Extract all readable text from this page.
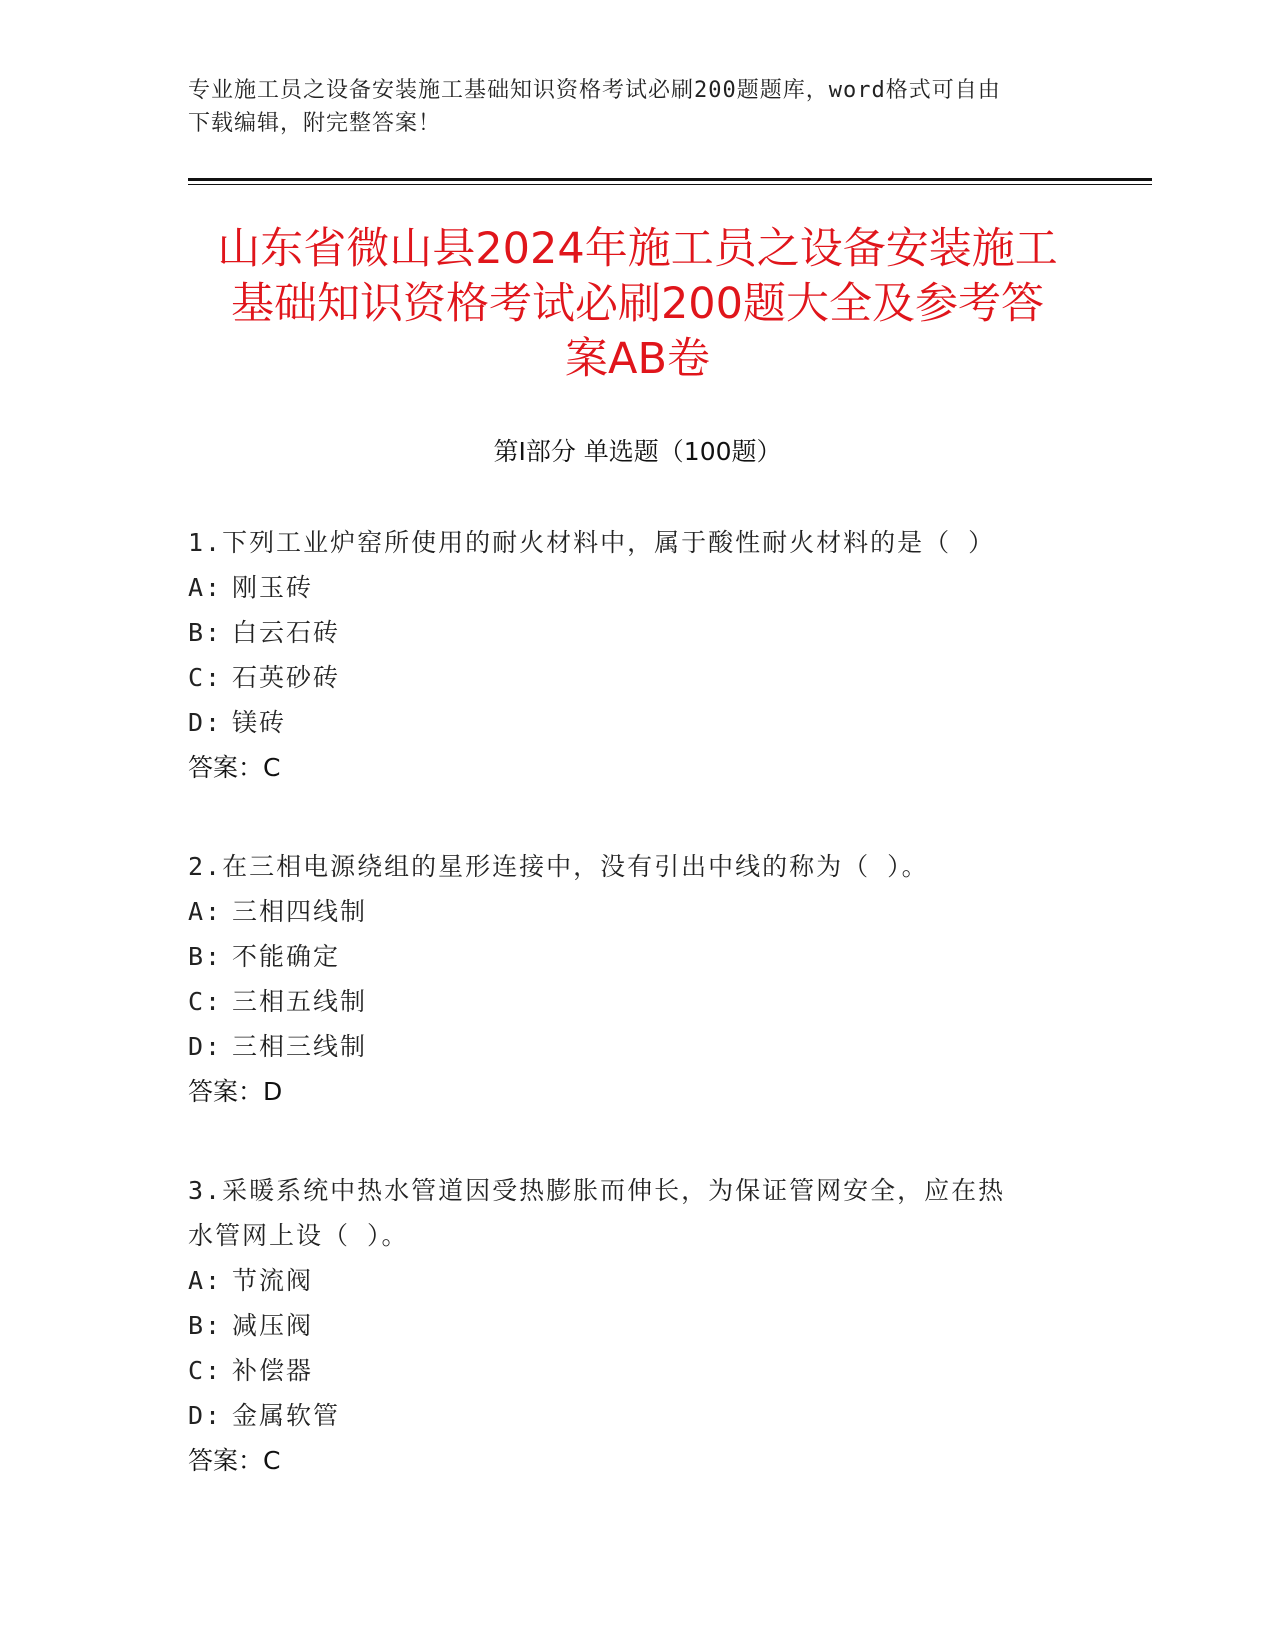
专业施工员之设备安装施工基础知识资格考试必刷200题题库，word格式可自由
下载编辑，附完整答案！
山东省微山县2024年施工员之设备安装施工
基础知识资格考试必刷200题大全及参考答
案AB卷
第Ⅰ部分 单选题（100题）
1.下列工业炉窑所使用的耐火材料中，属于酸性耐火材料的是（ ）
A: 刚玉砖
B: 白云石砖
C: 石英砂砖
D: 镁砖
答案：C
2.在三相电源绕组的星形连接中，没有引出中线的称为（ ）。
A: 三相四线制
B: 不能确定
C: 三相五线制
D: 三相三线制
答案：D
3.采暖系统中热水管道因受热膨胀而伸长，为保证管网安全，应在热
水管网上设（ ）。
A: 节流阀
B: 减压阀
C: 补偿器
D: 金属软管
答案：C
